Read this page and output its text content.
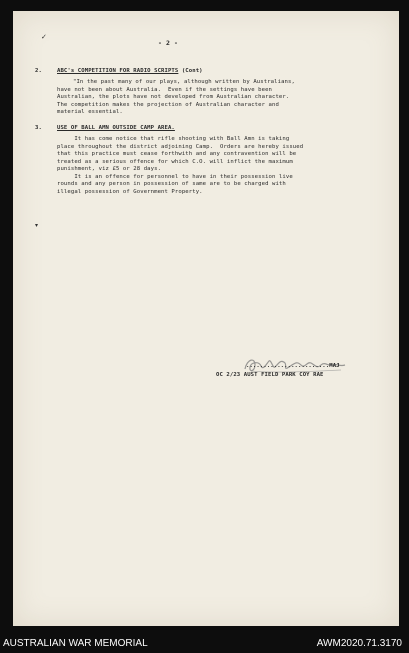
✓
▾

- 2 -

2.	ABC's COMPETITION FOR RADIO SCRIPTS (Cont)

"In the past many of our plays, although written by Australians,

have not been about Australia.  Even if the settings have been

Australian, the plots have not developed from Australian character.

The competition makes the projection of Australian character and

material essential.

3.	USE OF BALL AMN OUTSIDE CAMP AREA.

It has come notice that rifle shooting with Ball Amn is taking

place throughout the district adjoining Camp.  Orders are hereby issued

that this practice must cease forthwith and any contravention will be

treated as a serious offence for which C.O. will inflict the maximum

punishment, viz £5 or 28 days.

It is an offence for personnel to have in their possession live

rounds and any person in possession of same are to be charged with

illegal possession of Government Property.

........................MAJ

OC 2/23 AUST FIELD PARK COY RAE

AUSTRALIAN WAR MEMORIAL	AWM2020.71.3170
